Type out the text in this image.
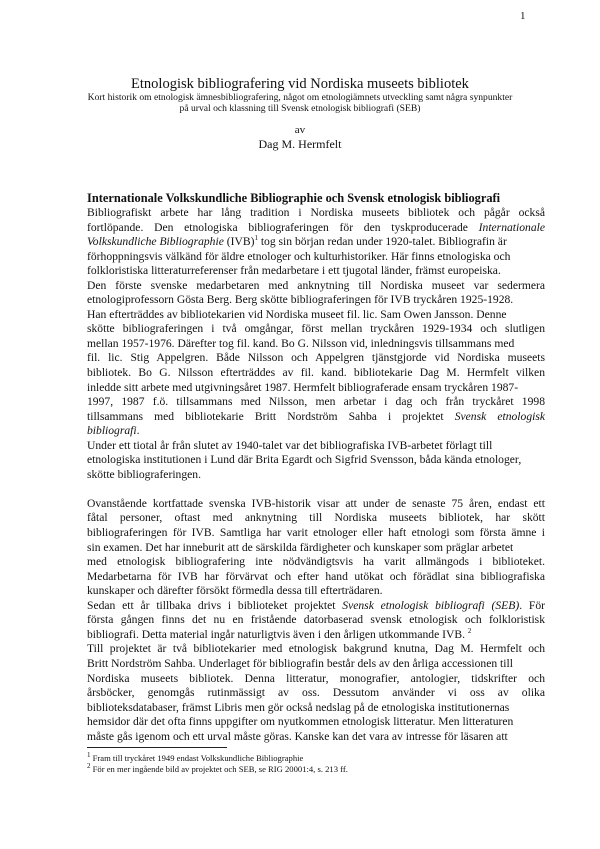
1
Etnologisk bibliografering vid Nordiska museets bibliotek
Kort historik om etnologisk ämnesbibliografering, något om etnologiämnets utveckling samt några synpunkter
på urval och klassning till Svensk etnologisk bibliografi (SEB)
av
Dag M. Hermfelt
Internationale Volkskundliche Bibliographie och Svensk etnologisk bibliografi
Bibliografiskt arbete har lång tradition i Nordiska museets bibliotek och pågår också
fortlöpande. Den etnologiska bibliograferingen för den tyskproducerade Internationale
Volkskundliche Bibliographie (IVB)$^1$ tog sin början redan under 1920-talet. Bibliografin är
förhoppningsvis välkänd för äldre etnologer och kulturhistoriker. Här finns etnologiska och
folkloristiska litteraturreferenser från medarbetare i ett tjugotal länder, främst europeiska.
Den förste svenske medarbetaren med anknytning till Nordiska museet var sedermera
etnologiprofessorn Gösta Berg. Berg skötte bibliograferingen för IVB tryckåren 1925-1928.
Han efterträddes av bibliotekarien vid Nordiska museet fil. lic. Sam Owen Jansson. Denne
skötte bibliograferingen i två omgångar, först mellan tryckåren 1929-1934 och slutligen
mellan 1957-1976. Därefter tog fil. kand. Bo G. Nilsson vid, inledningsvis tillsammans med
fil. lic. Stig Appelgren. Både Nilsson och Appelgren tjänstgjorde vid Nordiska museets
bibliotek. Bo G. Nilsson efterträddes av fil. kand. bibliotekarie Dag M. Hermfelt vilken
inledde sitt arbete med utgivningsåret 1987. Hermfelt bibliograferade ensam tryckåren 1987-
1997, 1987 f.ö. tillsammans med Nilsson, men arbetar i dag och från tryckåret 1998
tillsammans med bibliotekarie Britt Nordström Sahba i projektet Svensk etnologisk
bibliografi.
Under ett tiotal år från slutet av 1940-talet var det bibliografiska IVB-arbetet förlagt till
etnologiska institutionen i Lund där Brita Egardt och Sigfrid Svensson, båda kända etnologer,
skötte bibliograferingen.
Ovanstående kortfattade svenska IVB-historik visar att under de senaste 75 åren, endast ett
fåtal personer, oftast med anknytning till Nordiska museets bibliotek, har skött
bibliograferingen för IVB. Samtliga har varit etnologer eller haft etnologi som första ämne i
sin examen. Det har inneburit att de särskilda färdigheter och kunskaper som präglar arbetet
med etnologisk bibliografering inte nödvändigtsvis ha varit allmängods i biblioteket.
Medarbetarna för IVB har förvärvat och efter hand utökat och förädlat sina bibliografiska
kunskaper och därefter försökt förmedla dessa till efterträdaren.
Sedan ett år tillbaka drivs i biblioteket projektet Svensk etnologisk bibliografi (SEB). För
första gången finns det nu en fristående datorbaserad svensk etnologisk och folkloristisk
bibliografi. Detta material ingår naturligtvis även i den årligen utkommande IVB. $^2$
Till projektet är två bibliotekarier med etnologisk bakgrund knutna, Dag M. Hermfelt och
Britt Nordström Sahba. Underlaget för bibliografin består dels av den årliga accessionen till
Nordiska museets bibliotek. Denna litteratur, monografier, antologier, tidskrifter och
årsböcker, genomgås rutinmässigt av oss. Dessutom använder vi oss av olika
biblioteksdatabaser, främst Libris men gör också nedslag på de etnologiska institutionernas
hemsidor där det ofta finns uppgifter om nyutkommen etnologisk litteratur. Men litteraturen
måste gås igenom och ett urval måste göras. Kanske kan det vara av intresse för läsaren att
$^1$ Fram till tryckåret 1949 endast Volkskundliche Bibliographie
$^2$ För en mer ingående bild av projektet och SEB, se RIG 20001:4, s. 213 ff.
